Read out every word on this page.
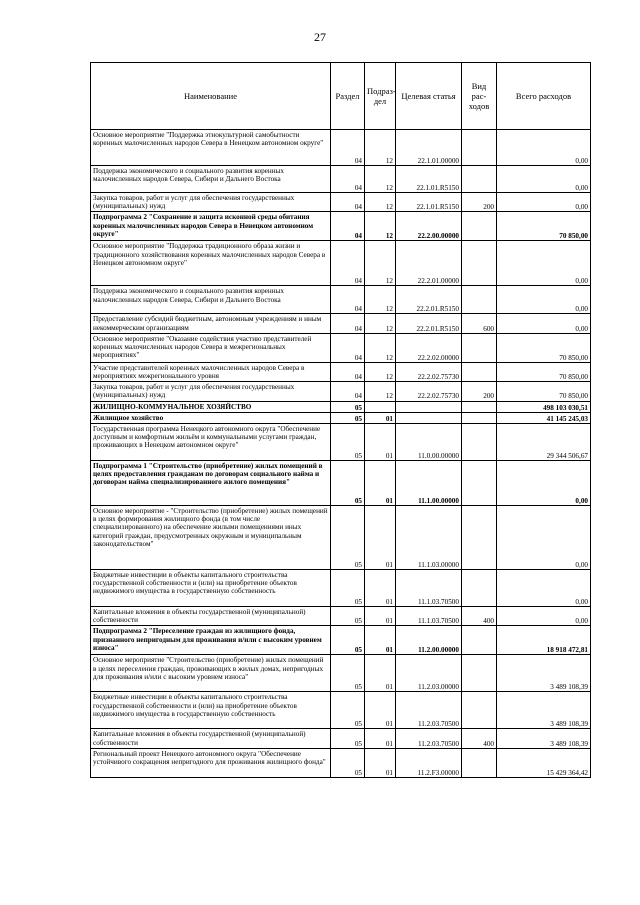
27
Наименование	Раздел	Подраз-дел	Целевая статья	Вид рас-ходов	Всего расходов
Основное мероприятие "Поддержка этнокультурной самобытности коренных малочисленных народов Севера в Ненецком автономном округе"	04	12	22.1.01.00000		0,00
Поддержка экономического и социального развития коренных малочисленных народов Севера, Сибири и Дальнего Востока	04	12	22.1.01.R5150		0,00
Закупка товаров, работ и услуг для обеспечения государственных (муниципальных) нужд	04	12	22.1.01.R5150	200	0,00
Подпрограмма 2 "Сохранение и защита исконной среды обитания коренных малочисленных народов Севера в Ненецком автономном округе"	04	12	22.2.00.00000		70 850,00
Основное мероприятие "Поддержка традиционного образа жизни и традиционного хозяйствования коренных малочисленных народов Севера в Ненецком автономном округе"	04	12	22.2.01.00000		0,00
Поддержка экономического и социального развития коренных малочисленных народов Севера, Сибири и Дальнего Востока	04	12	22.2.01.R5150		0,00
Предоставление субсидий бюджетным, автономным учреждениям и иным некоммерческим организациям	04	12	22.2.01.R5150	600	0,00
Основное мероприятие "Оказание содействия участию представителей коренных малочисленных народов Севера в межрегиональных мероприятиях"	04	12	22.2.02.00000		70 850,00
Участие представителей коренных малочисленных народов Севера в мероприятиях межрегионального уровня	04	12	22.2.02.75730		70 850,00
Закупка товаров, работ и услуг для обеспечения государственных (муниципальных) нужд	04	12	22.2.02.75730	200	70 850,00
ЖИЛИЩНО-КОММУНАЛЬНОЕ ХОЗЯЙСТВО	05				498 103 030,51
Жилищное хозяйство	05	01			41 145 245,03
Государственная программа Ненецкого автономного округа "Обеспечение доступным и комфортным жильём и коммунальными услугами граждан, проживающих в Ненецком автономном округе"	05	01	11.0.00.00000		29 344 506,67
Подпрограмма 1 "Строительство (приобретение) жилых помещений в целях предоставления гражданам по договорам социального найма и договорам найма специализированного жилого помещения"	05	01	11.1.00.00000		0,00
Основное мероприятие - "Строительство (приобретение) жилых помещений в целях формирования жилищного фонда (в том числе специализированного) на обеспечение жилыми помещениями иных категорий граждан, предусмотренных окружным и муниципальным законодательством"	05	01	11.1.03.00000		0,00
Бюджетные инвестиции в объекты капитального строительства государственной собственности и (или) на приобретение объектов недвижимого имущества в государственную собственность	05	01	11.1.03.70500		0,00
Капитальные вложения в объекты государственной (муниципальной) собственности	05	01	11.1.03.70500	400	0,00
Подпрограмма 2 "Переселение граждан из жилищного фонда, признанного непригодным для проживания и/или с высоким уровнем износа"	05	01	11.2.00.00000		18 918 472,81
Основное мероприятие "Строительство (приобретение) жилых помещений в целях переселения граждан, проживающих в жилых домах, непригодных для проживания и/или с высоким уровнем износа"	05	01	11.2.03.00000		3 489 108,39
Бюджетные инвестиции в объекты капитального строительства государственной собственности и (или) на приобретение объектов недвижимого имущества в государственную собственность	05	01	11.2.03.70500		3 489 108,39
Капитальные вложения в объекты государственной (муниципальной) собственности	05	01	11.2.03.70500	400	3 489 108,39
Региональный проект Ненецкого автономного округа "Обеспечение устойчивого сокращения непригодного для проживания жилищного фонда"	05	01	11.2.F3.00000		15 429 364,42
